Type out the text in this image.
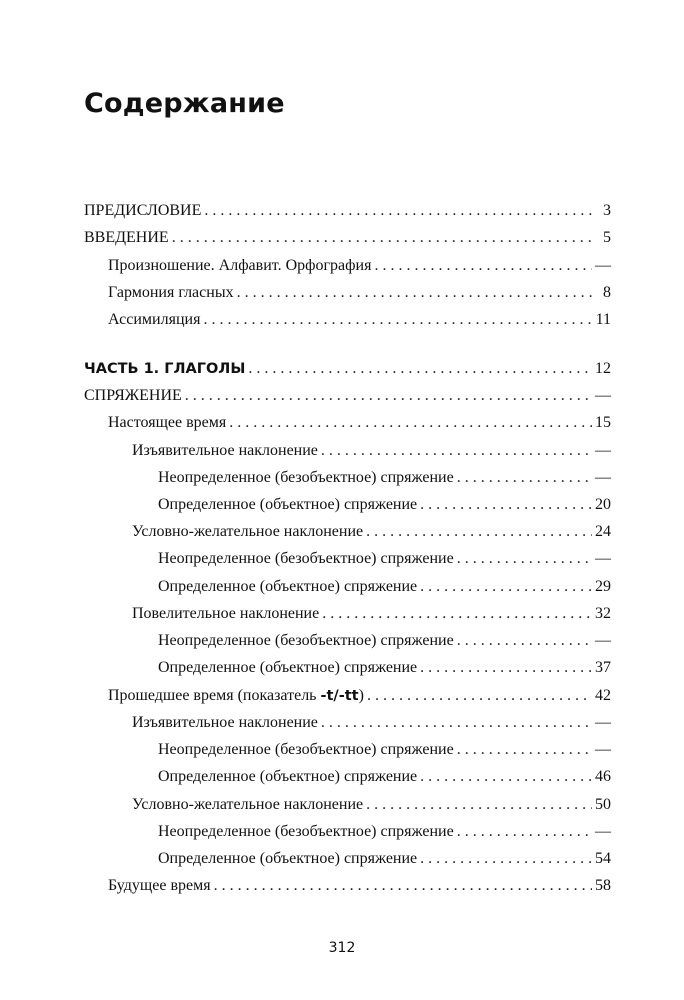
Содержание
ПРЕДИСЛОВИЕ . . .	3
ВВЕДЕНИЕ . . .	5
Произношение. Алфавит. Орфография . . .	—
Гармония гласных . . .	8
Ассимиляция . . .	11
ЧАСТЬ 1. ГЛАГОЛЫ . . .	12
СПРЯЖЕНИЕ . . .	—
Настоящее время . . .	15
Изъявительное наклонение . . .	—
Неопределенное (безобъектное) спряжение . . .	—
Определенное (объектное) спряжение . . .	20
Условно-желательное наклонение . . .	24
Неопределенное (безобъектное) спряжение . . .	—
Определенное (объектное) спряжение . . .	29
Повелительное наклонение . . .	32
Неопределенное (безобъектное) спряжение . . .	—
Определенное (объектное) спряжение . . .	37
Прошедшее время (показатель -t/-tt) . . .	42
Изъявительное наклонение . . .	—
Неопределенное (безобъектное) спряжение . . .	—
Определенное (объектное) спряжение . . .	46
Условно-желательное наклонение . . .	50
Неопределенное (безобъектное) спряжение . . .	—
Определенное (объектное) спряжение . . .	54
Будущее время . . .	58
312
